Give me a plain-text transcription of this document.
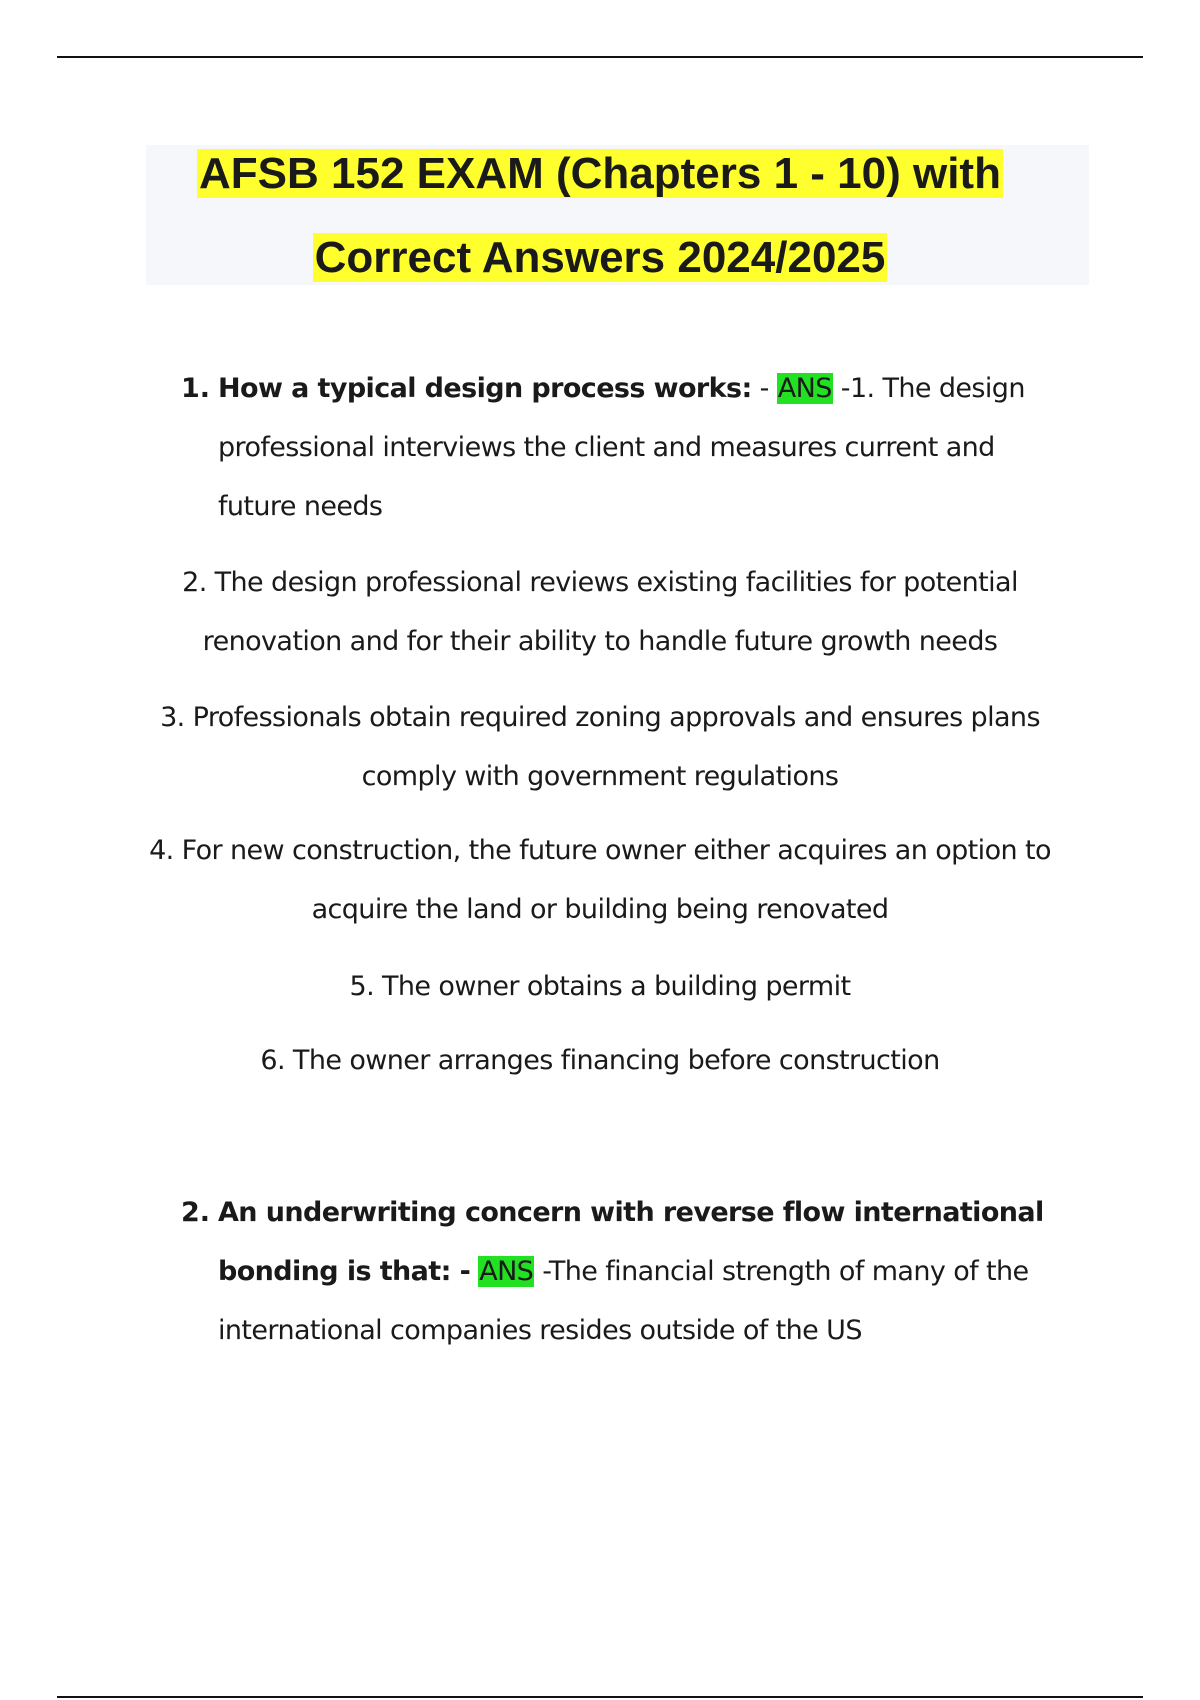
AFSB 152 EXAM (Chapters 1 - 10) with
Correct Answers 2024/2025
1. How a typical design process works: - ANS -1. The design
professional interviews the client and measures current and
future needs
2. The design professional reviews existing facilities for potential
renovation and for their ability to handle future growth needs
3. Professionals obtain required zoning approvals and ensures plans
comply with government regulations
4. For new construction, the future owner either acquires an option to
acquire the land or building being renovated
5. The owner obtains a building permit
6. The owner arranges financing before construction
2. An underwriting concern with reverse flow international
bonding is that: - ANS -The financial strength of many of the
international companies resides outside of the US
